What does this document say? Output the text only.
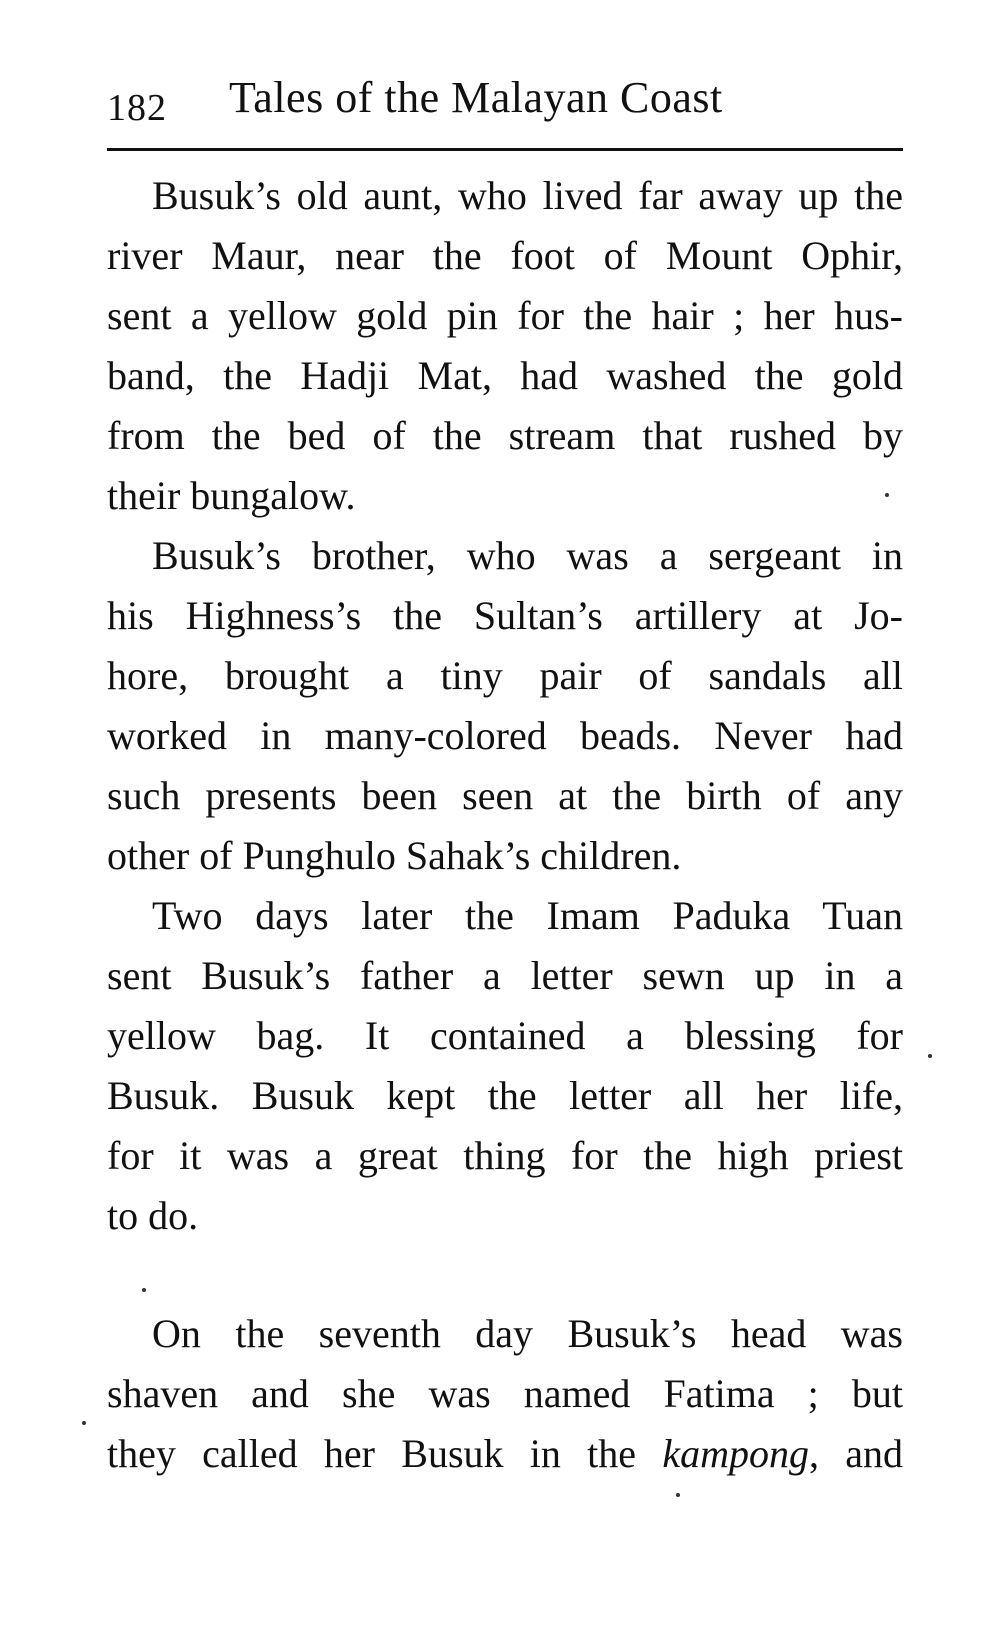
182 Tales of the Malayan Coast
Busuk’s old aunt, who lived far away up the
river Maur, near the foot of Mount Ophir,
sent a yellow gold pin for the hair ; her hus-
band, the Hadji Mat, had washed the gold
from the bed of the stream that rushed by
their bungalow.
Busuk’s brother, who was a sergeant in
his Highness’s the Sultan’s artillery at Jo-
hore, brought a tiny pair of sandals all
worked in many-colored beads. Never had
such presents been seen at the birth of any
other of Punghulo Sahak’s children.
Two days later the Imam Paduka Tuan
sent Busuk’s father a letter sewn up in a
yellow bag. It contained a blessing for
Busuk. Busuk kept the letter all her life,
for it was a great thing for the high priest
to do.
On the seventh day Busuk’s head was
shaven and she was named Fatima ; but
they called her Busuk in the kampong, and
